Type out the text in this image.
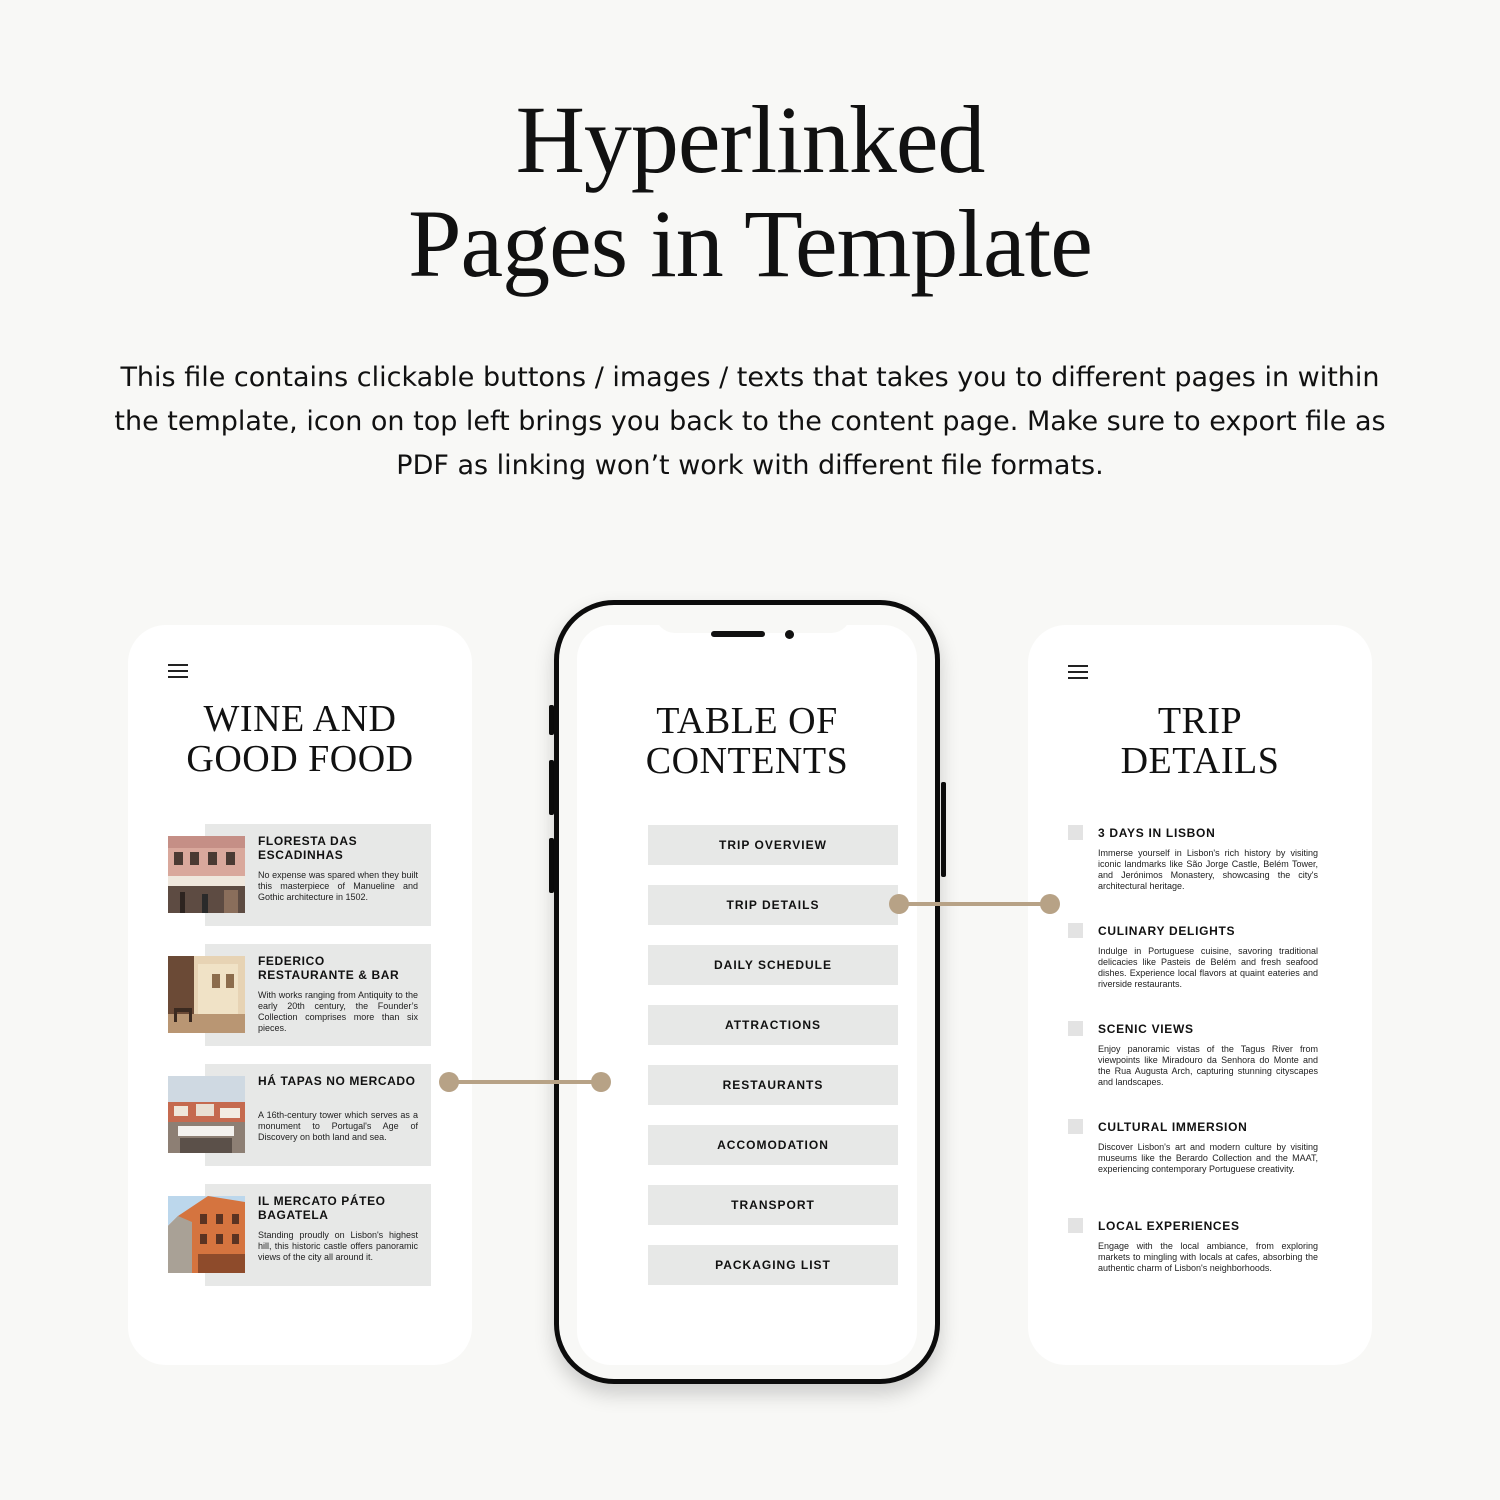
Hyperlinked
Pages in Template

This file contains clickable buttons / images / texts that takes you to different pages in within the template, icon on top left brings you back to the content page. Make sure to export file as PDF as linking won’t work with different file formats.

WINE AND
GOOD FOOD
FLORESTA DAS ESCADINHAS
No expense was spared when they built this masterpiece of Manueline and Gothic architecture in 1502.
FEDERICO RESTAURANTE & BAR
With works ranging from Antiquity to the early 20th century, the Founder’s Collection comprises more than six pieces.
HÁ TAPAS NO MERCADO
A 16th-century tower which serves as a monument to Portugal's Age of Discovery on both land and sea.
IL MERCATO PÁTEO BAGATELA
Standing proudly on Lisbon's highest hill, this historic castle offers panoramic views of the city all around it.
TABLE OF
CONTENTS
TRIP OVERVIEW
TRIP DETAILS
DAILY SCHEDULE
ATTRACTIONS
RESTAURANTS
ACCOMODATION
TRANSPORT
PACKAGING LIST
TRIP
DETAILS
3 DAYS IN LISBON
Immerse yourself in Lisbon's rich history by visiting iconic landmarks like São Jorge Castle, Belém Tower, and Jerónimos Monastery, showcasing the city's architectural heritage.
CULINARY DELIGHTS
Indulge in Portuguese cuisine, savoring traditional delicacies like Pasteis de Belém and fresh seafood dishes. Experience local flavors at quaint eateries and riverside restaurants.
SCENIC VIEWS
Enjoy panoramic vistas of the Tagus River from viewpoints like Miradouro da Senhora do Monte and the Rua Augusta Arch, capturing stunning cityscapes and landscapes.
CULTURAL IMMERSION
Discover Lisbon's art and modern culture by visiting museums like the Berardo Collection and the MAAT, experiencing contemporary Portuguese creativity.
LOCAL EXPERIENCES
Engage with the local ambiance, from exploring markets to mingling with locals at cafes, absorbing the authentic charm of Lisbon's neighborhoods.
